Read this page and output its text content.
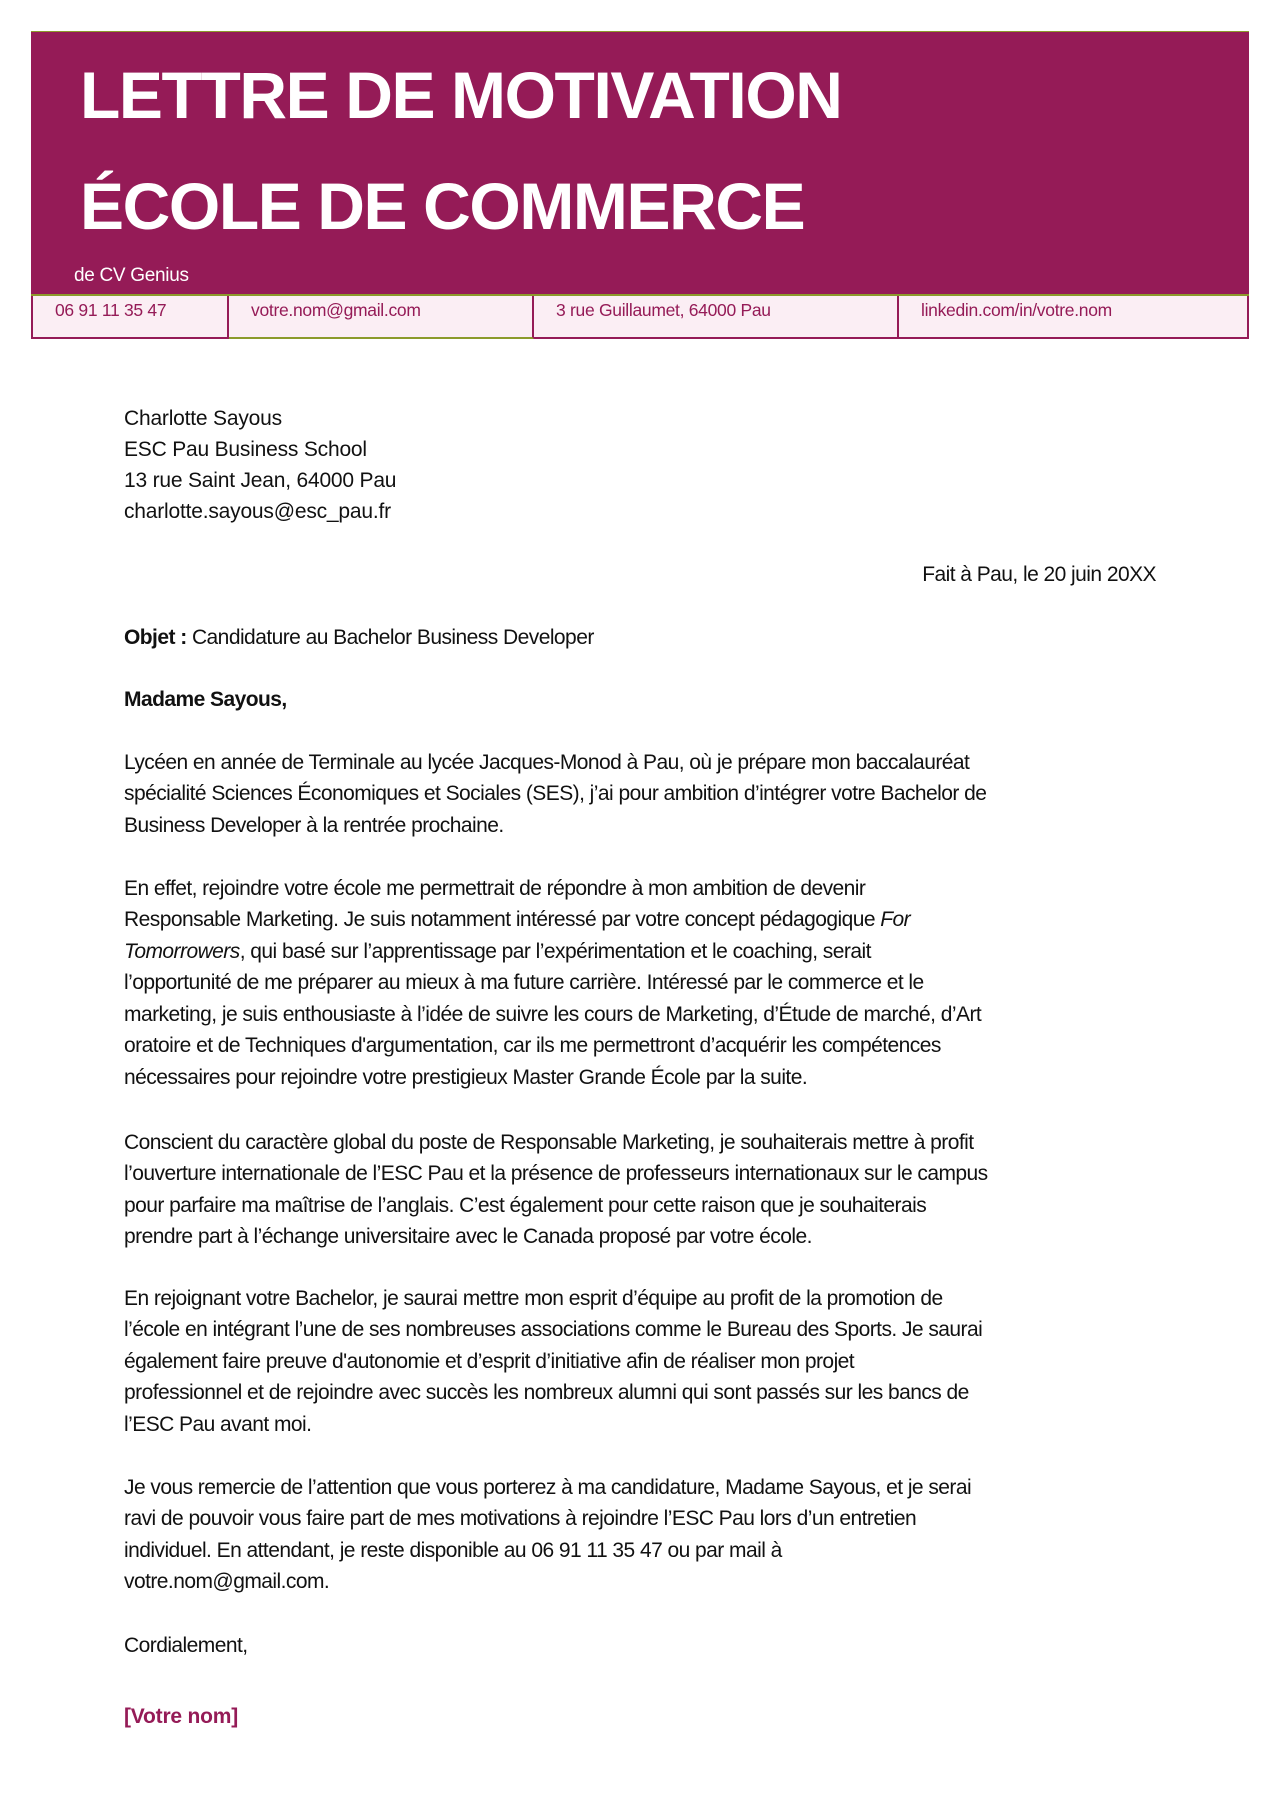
LETTRE DE MOTIVATION
ÉCOLE DE COMMERCE
de CV Genius
06 91 11 35 47	votre.nom@gmail.com	3 rue Guillaumet, 64000 Pau	linkedin.com/in/votre.nom
Charlotte Sayous
ESC Pau Business School
13 rue Saint Jean, 64000 Pau
charlotte.sayous@esc_pau.fr
Fait à Pau, le 20 juin 20XX
Objet : Candidature au Bachelor Business Developer
Madame Sayous,
Lycéen en année de Terminale au lycée Jacques-Monod à Pau, où je prépare mon baccalauréat
spécialité Sciences Économiques et Sociales (SES), j’ai pour ambition d’intégrer votre Bachelor de
Business Developer à la rentrée prochaine.
En effet, rejoindre votre école me permettrait de répondre à mon ambition de devenir
Responsable Marketing. Je suis notamment intéressé par votre concept pédagogique For
Tomorrowers, qui basé sur l’apprentissage par l’expérimentation et le coaching, serait
l’opportunité de me préparer au mieux à ma future carrière. Intéressé par le commerce et le
marketing, je suis enthousiaste à l’idée de suivre les cours de Marketing, d’Étude de marché, d’Art
oratoire et de Techniques d'argumentation, car ils me permettront d’acquérir les compétences
nécessaires pour rejoindre votre prestigieux Master Grande École par la suite.
Conscient du caractère global du poste de Responsable Marketing, je souhaiterais mettre à profit
l’ouverture internationale de l’ESC Pau et la présence de professeurs internationaux sur le campus
pour parfaire ma maîtrise de l’anglais. C’est également pour cette raison que je souhaiterais
prendre part à l’échange universitaire avec le Canada proposé par votre école.
En rejoignant votre Bachelor, je saurai mettre mon esprit d’équipe au profit de la promotion de
l’école en intégrant l’une de ses nombreuses associations comme le Bureau des Sports. Je saurai
également faire preuve d'autonomie et d’esprit d’initiative afin de réaliser mon projet
professionnel et de rejoindre avec succès les nombreux alumni qui sont passés sur les bancs de
l’ESC Pau avant moi.
Je vous remercie de l’attention que vous porterez à ma candidature, Madame Sayous, et je serai
ravi de pouvoir vous faire part de mes motivations à rejoindre l’ESC Pau lors d’un entretien
individuel. En attendant, je reste disponible au 06 91 11 35 47 ou par mail à
votre.nom@gmail.com.
Cordialement,
[Votre nom]
